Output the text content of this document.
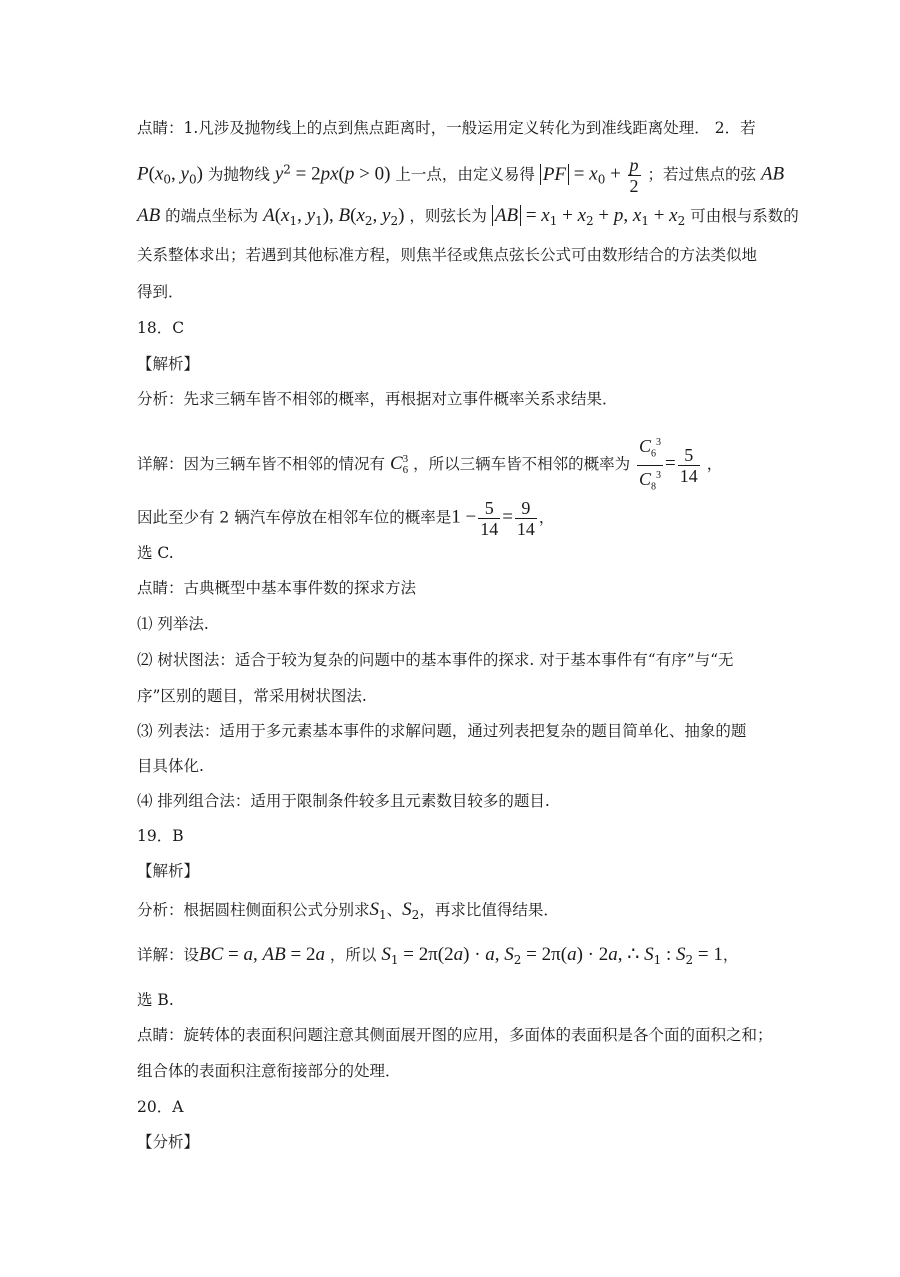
点睛：1.凡涉及抛物线上的点到焦点距离时，一般运用定义转化为到准线距离处理． 2．若
$P(x_0$, $y_0$) 为抛物线 $y^2 = 2px(p > 0)$ 上一点，由定义易得 PF = $x_0 + \frac{p}{2}$ ；若过焦点的弦 AB
AB 的端点坐标为 $A(x_1$, $y_1$), $B(x_2$, $y_2$) ，则弦长为 AB = $x_1 + x_2 + p$, $x_1 + x_2$ 可由根与系数的
关系整体求出；若遇到其他标准方程，则焦半径或焦点弦长公式可由数形结合的方法类似地
得到．
18．C
【解析】
分析：先求三辆车皆不相邻的概率，再根据对立事件概率关系求结果．
详解：因为三辆车皆不相邻的情况有 C 3
6 ，所以三辆车皆不相邻的概率为 $\frac{C_6^3}{C_8^3} = \frac{5}{14}$ ，
因此至少有 2 辆汽车停放在相邻车位的概率是$1 - \frac{5}{14} = \frac{9}{14}$ ，
选 C.
点睛：古典概型中基本事件数的探求方法
⑴ 列举法.
⑵ 树状图法：适合于较为复杂的问题中的基本事件的探求. 对于基本事件有“有序”与“无
序”区别的题目，常采用树状图法.
⑶ 列表法：适用于多元素基本事件的求解问题，通过列表把复杂的题目简单化、抽象的题
目具体化.
⑷ 排列组合法：适用于限制条件较多且元素数目较多的题目.
19．B
【解析】
分析：根据圆柱侧面积公式分别求$S_1$、$S_2$，再求比值得结果．
详解：设BC = a, AB = 2a ，所以 $S_1 = 2\pi(2a) \cdot a$, $S_2 = 2\pi(a) \cdot 2a$, ∴ $S_1$ : $S_2 = 1$，
选 B.
点睛：旋转体的表面积问题注意其侧面展开图的应用，多面体的表面积是各个面的面积之和；
组合体的表面积注意衔接部分的处理．
20．A
【分析】
